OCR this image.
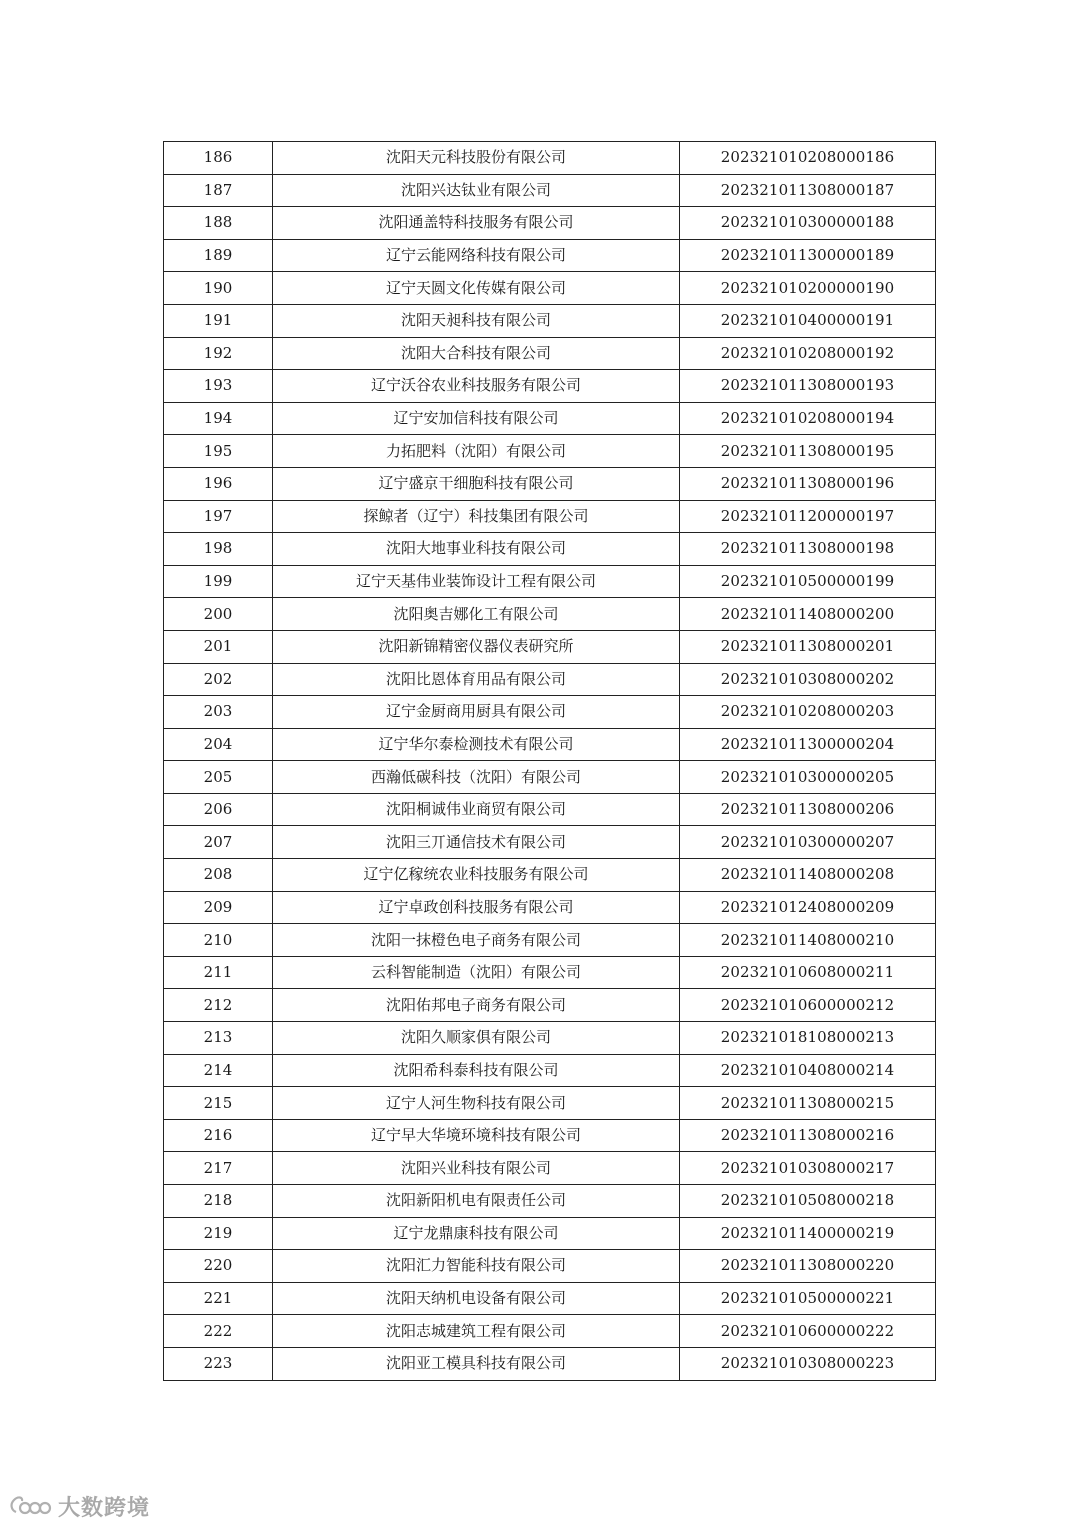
186	沈阳天元科技股份有限公司	202321010208000186
187	沈阳兴达钛业有限公司	202321011308000187
188	沈阳通盖特科技服务有限公司	202321010300000188
189	辽宁云能网络科技有限公司	202321011300000189
190	辽宁天圆文化传媒有限公司	202321010200000190
191	沈阳天昶科技有限公司	202321010400000191
192	沈阳大合科技有限公司	202321010208000192
193	辽宁沃谷农业科技服务有限公司	202321011308000193
194	辽宁安加信科技有限公司	202321010208000194
195	力拓肥料（沈阳）有限公司	202321011308000195
196	辽宁盛京干细胞科技有限公司	202321011308000196
197	探鲸者（辽宁）科技集团有限公司	202321011200000197
198	沈阳大地事业科技有限公司	202321011308000198
199	辽宁天基伟业装饰设计工程有限公司	202321010500000199
200	沈阳奥吉娜化工有限公司	202321011408000200
201	沈阳新锦精密仪器仪表研究所	202321011308000201
202	沈阳比恩体育用品有限公司	202321010308000202
203	辽宁金厨商用厨具有限公司	202321010208000203
204	辽宁华尔泰检测技术有限公司	202321011300000204
205	西瀚低碳科技（沈阳）有限公司	202321010300000205
206	沈阳桐诚伟业商贸有限公司	202321011308000206
207	沈阳三丌通信技术有限公司	202321010300000207
208	辽宁亿稼统农业科技服务有限公司	202321011408000208
209	辽宁卓政创科技服务有限公司	202321012408000209
210	沈阳一抹橙色电子商务有限公司	202321011408000210
211	云科智能制造（沈阳）有限公司	202321010608000211
212	沈阳佑邦电子商务有限公司	202321010600000212
213	沈阳久顺家俱有限公司	202321018108000213
214	沈阳希科泰科技有限公司	202321010408000214
215	辽宁人河生物科技有限公司	202321011308000215
216	辽宁早大华境环境科技有限公司	202321011308000216
217	沈阳兴业科技有限公司	202321010308000217
218	沈阳新阳机电有限责任公司	202321010508000218
219	辽宁龙鼎康科技有限公司	202321011400000219
220	沈阳汇力智能科技有限公司	202321011308000220
221	沈阳天纳机电设备有限公司	202321010500000221
222	沈阳志城建筑工程有限公司	202321010600000222
223	沈阳亚工模具科技有限公司	202321010308000223
大数跨境
